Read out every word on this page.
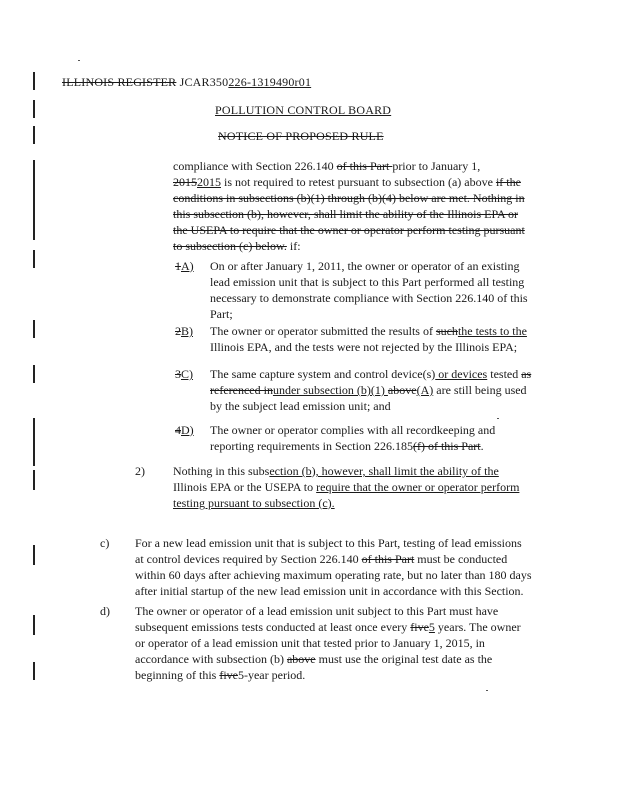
ILLINOIS REGISTER JCAR350226-1319490r01
POLLUTION CONTROL BOARD
NOTICE OF PROPOSED RULE
compliance with Section 226.140 of this Part prior to January 1,
20152015 is not required to retest pursuant to subsection (a) above if the
conditions in subsections (b)(1) through (b)(4) below are met. Nothing in
this subsection (b), however, shall limit the ability of the Illinois EPA or
the USEPA to require that the owner or operator perform testing pursuant
to subsection (c) below. if:
1A) On or after January 1, 2011, the owner or operator of an existing
lead emission unit that is subject to this Part performed all testing
necessary to demonstrate compliance with Section 226.140 of this
Part;
2B) The owner or operator submitted the results of suchthe tests to the
Illinois EPA, and the tests were not rejected by the Illinois EPA;
3C) The same capture system and control device(s) or devices tested as
referenced inunder subsection (b)(1) above(A) are still being used
by the subject lead emission unit; and
4D) The owner or operator complies with all recordkeeping and
reporting requirements in Section 226.185(f) of this Part.
2) Nothing in this subsection (b), however, shall limit the ability of the
Illinois EPA or the USEPA to require that the owner or operator perform
testing pursuant to subsection (c).
c) For a new lead emission unit that is subject to this Part, testing of lead emissions
at control devices required by Section 226.140 of this Part must be conducted
within 60 days after achieving maximum operating rate, but no later than 180 days
after initial startup of the new lead emission unit in accordance with this Section.
d) The owner or operator of a lead emission unit subject to this Part must have
subsequent emissions tests conducted at least once every five5 years. The owner
or operator of a lead emission unit that tested prior to January 1, 2015, in
accordance with subsection (b) above must use the original test date as the
beginning of this five5-year period.
